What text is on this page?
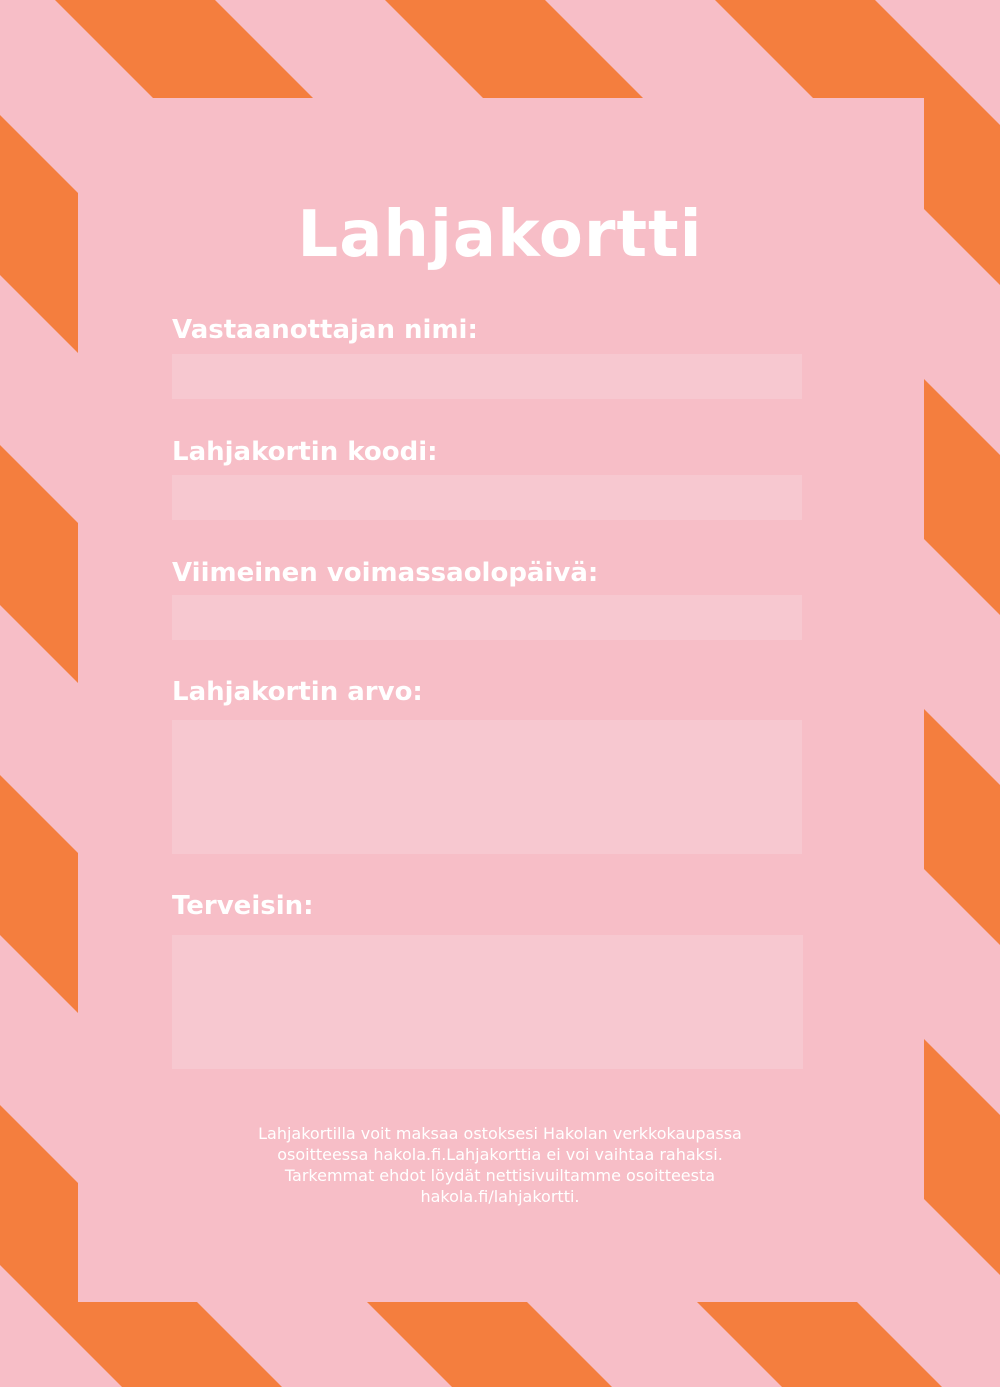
Lahjakortti
Vastaanottajan nimi:
Lahjakortin koodi:
Viimeinen voimassaolopäivä:
Lahjakortin arvo:
Terveisin:
Lahjakortilla voit maksaa ostoksesi Hakolan verkkokaupassa
osoitteessa hakola.fi.Lahjakorttia ei voi vaihtaa rahaksi.
Tarkemmat ehdot löydät nettisivuiltamme osoitteesta
hakola.fi/lahjakortti.
